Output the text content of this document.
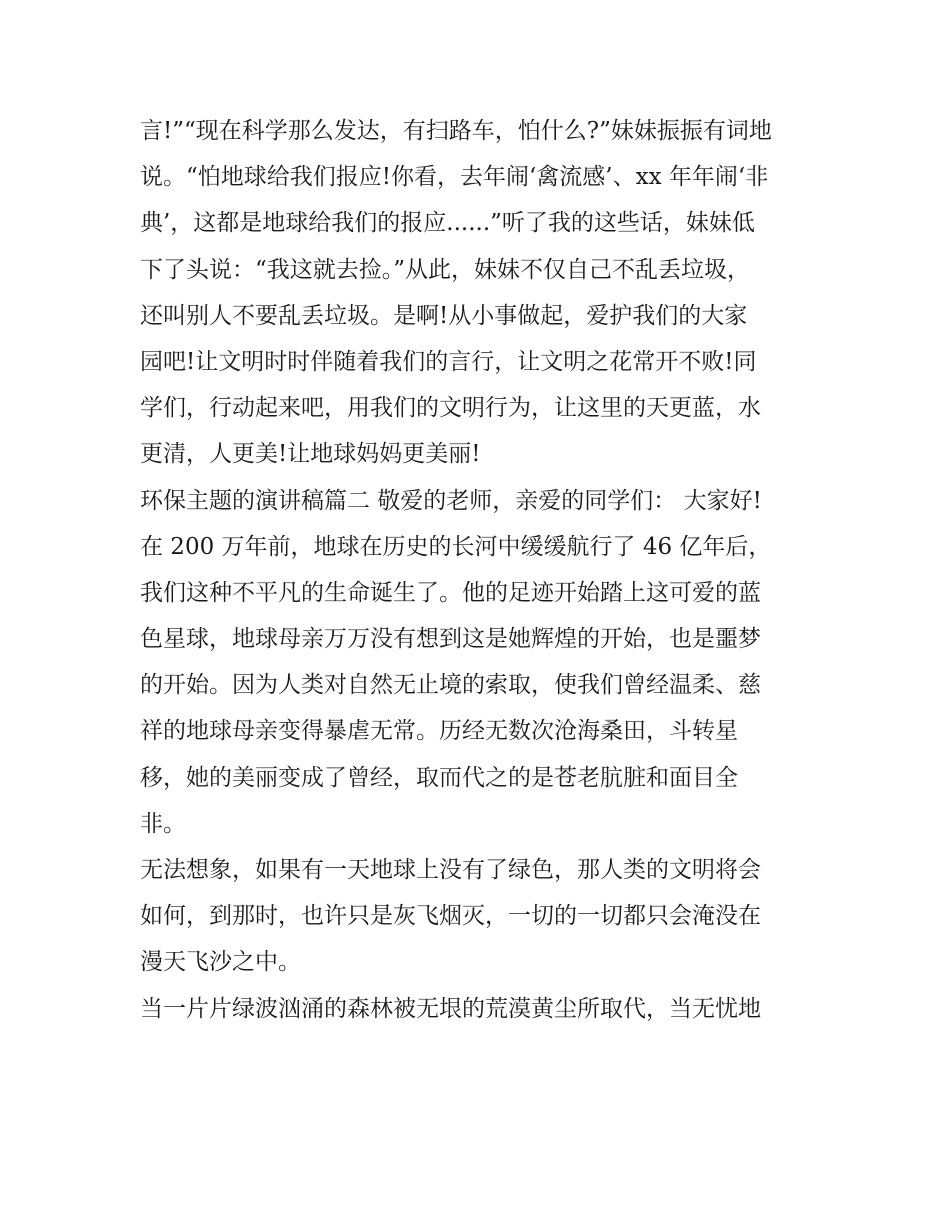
言!”“现在科学那么发达，有扫路车，怕什么?”妹妹振振有词地
说。“怕地球给我们报应!你看，去年闹‘禽流感’、xx 年年闹‘非
典’，这都是地球给我们的报应......”听了我的这些话，妹妹低
下了头说：“我这就去捡。”从此，妹妹不仅自己不乱丢垃圾，
还叫别人不要乱丢垃圾。是啊!从小事做起，爱护我们的大家
园吧!让文明时时伴随着我们的言行，让文明之花常开不败!同
学们，行动起来吧，用我们的文明行为，让这里的天更蓝，水
更清，人更美!让地球妈妈更美丽!
环保主题的演讲稿篇二 敬爱的老师，亲爱的同学们： 大家好!
在 200 万年前，地球在历史的长河中缓缓航行了 46 亿年后，
我们这种不平凡的生命诞生了。他的足迹开始踏上这可爱的蓝
色星球，地球母亲万万没有想到这是她辉煌的开始，也是噩梦
的开始。因为人类对自然无止境的索取，使我们曾经温柔、慈
祥的地球母亲变得暴虐无常。历经无数次沧海桑田，斗转星
移，她的美丽变成了曾经，取而代之的是苍老肮脏和面目全
非。
无法想象，如果有一天地球上没有了绿色，那人类的文明将会
如何，到那时，也许只是灰飞烟灭，一切的一切都只会淹没在
漫天飞沙之中。
当一片片绿波汹涌的森林被无垠的荒漠黄尘所取代，当无忧地
